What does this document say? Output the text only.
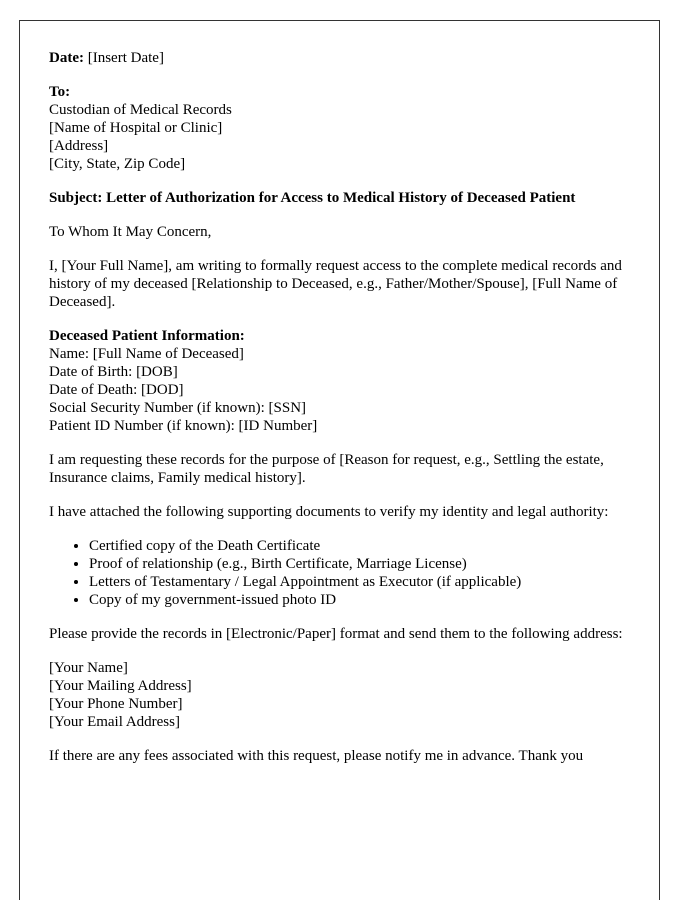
Date: [Insert Date]

To:
Custodian of Medical Records
[Name of Hospital or Clinic]
[Address]
[City, State, Zip Code]

Subject: Letter of Authorization for Access to Medical History of Deceased Patient

To Whom It May Concern,

I, [Your Full Name], am writing to formally request access to the complete medical records and history of my deceased [Relationship to Deceased, e.g., Father/Mother/Spouse], [Full Name of Deceased].

Deceased Patient Information:
Name: [Full Name of Deceased]
Date of Birth: [DOB]
Date of Death: [DOD]
Social Security Number (if known): [SSN]
Patient ID Number (if known): [ID Number]

I am requesting these records for the purpose of [Reason for request, e.g., Settling the estate, Insurance claims, Family medical history].

I have attached the following supporting documents to verify my identity and legal authority:

• Certified copy of the Death Certificate
• Proof of relationship (e.g., Birth Certificate, Marriage License)
• Letters of Testamentary / Legal Appointment as Executor (if applicable)
• Copy of my government-issued photo ID

Please provide the records in [Electronic/Paper] format and send them to the following address:

[Your Name]
[Your Mailing Address]
[Your Phone Number]
[Your Email Address]

If there are any fees associated with this request, please notify me in advance. Thank you
